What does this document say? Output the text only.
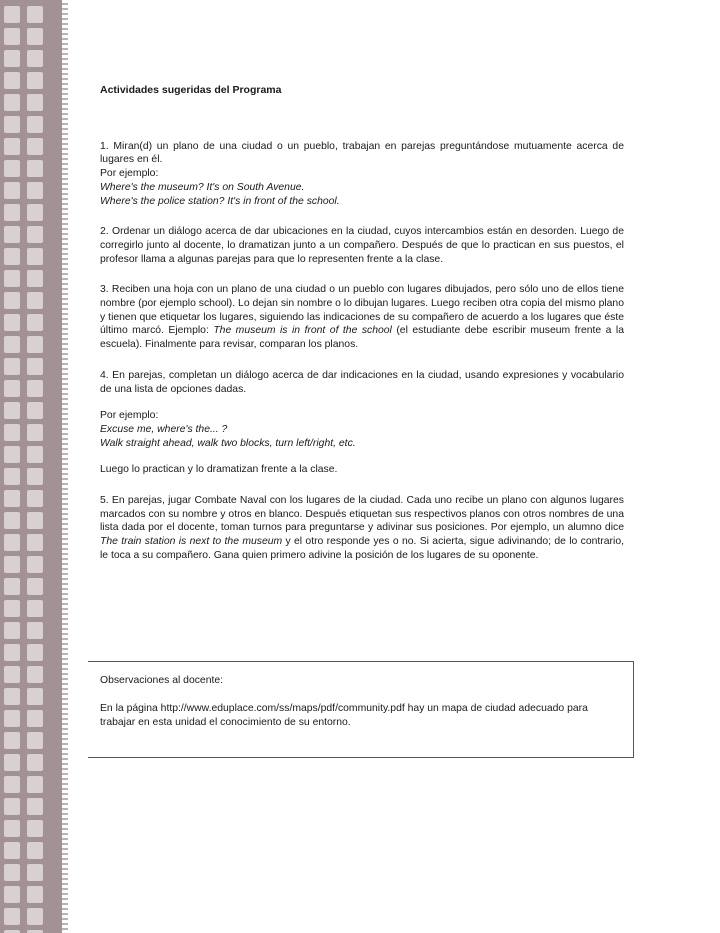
Actividades sugeridas del Programa

1. Miran(d) un plano de una ciudad o un pueblo, trabajan en parejas preguntándose mutuamente acerca de lugares en él.

Por ejemplo:

Where's the museum? It's on South Avenue.

Where's the police station? It's in front of the school.

2. Ordenar un diálogo acerca de dar ubicaciones en la ciudad, cuyos intercambios están en desorden. Luego de corregirlo junto al docente, lo dramatizan junto a un compañero. Después de que lo practican en sus puestos, el profesor llama a algunas parejas para que lo representen frente a la clase.

3. Reciben una hoja con un plano de una ciudad o un pueblo con lugares dibujados, pero sólo uno de ellos tiene nombre (por ejemplo school). Lo dejan sin nombre o lo dibujan lugares. Luego reciben otra copia del mismo plano y tienen que etiquetar los lugares, siguiendo las indicaciones de su compañero de acuerdo a los lugares que éste último marcó. Ejemplo: The museum is in front of the school (el estudiante debe escribir museum frente a la escuela). Finalmente para revisar, comparan los planos.

4. En parejas, completan un diálogo acerca de dar indicaciones en la ciudad, usando expresiones y vocabulario de una lista de opciones dadas.

Por ejemplo:

Excuse me, where's the... ?

Walk straight ahead, walk two blocks, turn left/right, etc.

Luego lo practican y lo dramatizan frente a la clase.

5. En parejas, jugar Combate Naval con los lugares de la ciudad. Cada uno recibe un plano con algunos lugares marcados con su nombre y otros en blanco. Después etiquetan sus respectivos planos con otros nombres de una lista dada por el docente, toman turnos para preguntarse y adivinar sus posiciones. Por ejemplo, un alumno dice The train station is next to the museum y el otro responde yes o no. Si acierta, sigue adivinando; de lo contrario, le toca a su compañero. Gana quien primero adivine la posición de los lugares de su oponente.

Observaciones al docente:

En la página http://www.eduplace.com/ss/maps/pdf/community.pdf hay un mapa de ciudad adecuado para trabajar en esta unidad el conocimiento de su entorno.
